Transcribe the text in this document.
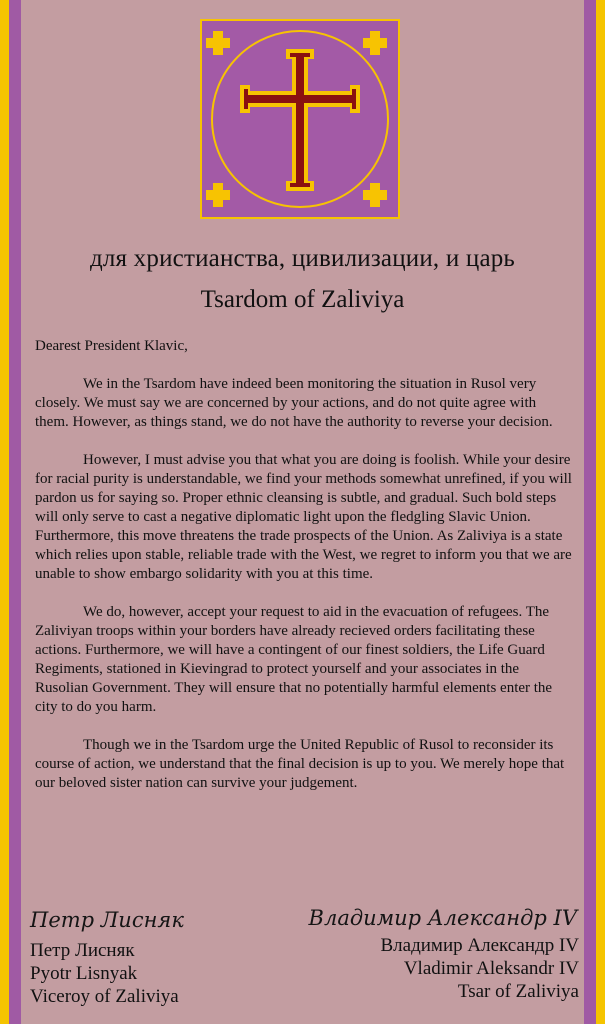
для христианства, цивилизации, и царь
Tsardom of Zaliviya

Dearest President Klavic,

We in the Tsardom have indeed been monitoring the situation in Rusol very closely. We must say we are concerned by your actions, and do not quite agree with them. However, as things stand, we do not have the authority to reverse your decision.

However, I must advise you that what you are doing is foolish. While your desire for racial purity is understandable, we find your methods somewhat unrefined, if you will pardon us for saying so. Proper ethnic cleansing is subtle, and gradual. Such bold steps will only serve to cast a negative diplomatic light upon the fledgling Slavic Union. Furthermore, this move threatens the trade prospects of the Union. As Zaliviya is a state which relies upon stable, reliable trade with the West, we regret to inform you that we are unable to show embargo solidarity with you at this time.

We do, however, accept your request to aid in the evacuation of refugees. The Zaliviyan troops within your borders have already recieved orders facilitating these actions. Furthermore, we will have a contingent of our finest soldiers, the Life Guard Regiments, stationed in Kievingrad to protect yourself and your associates in the Rusolian Government. They will ensure that no potentially harmful elements enter the city to do you harm.

Though we in the Tsardom urge the United Republic of Rusol to reconsider its course of action, we understand that the final decision is up to you. We merely hope that our beloved sister nation can survive your judgement.

Петр Лисняк	Владимир Александр IV
Петр Лисняк
Pyotr Lisnyak
Viceroy of Zaliviya
Владимир Александр IV
Vladimir Aleksandr IV
Tsar of Zaliviya
